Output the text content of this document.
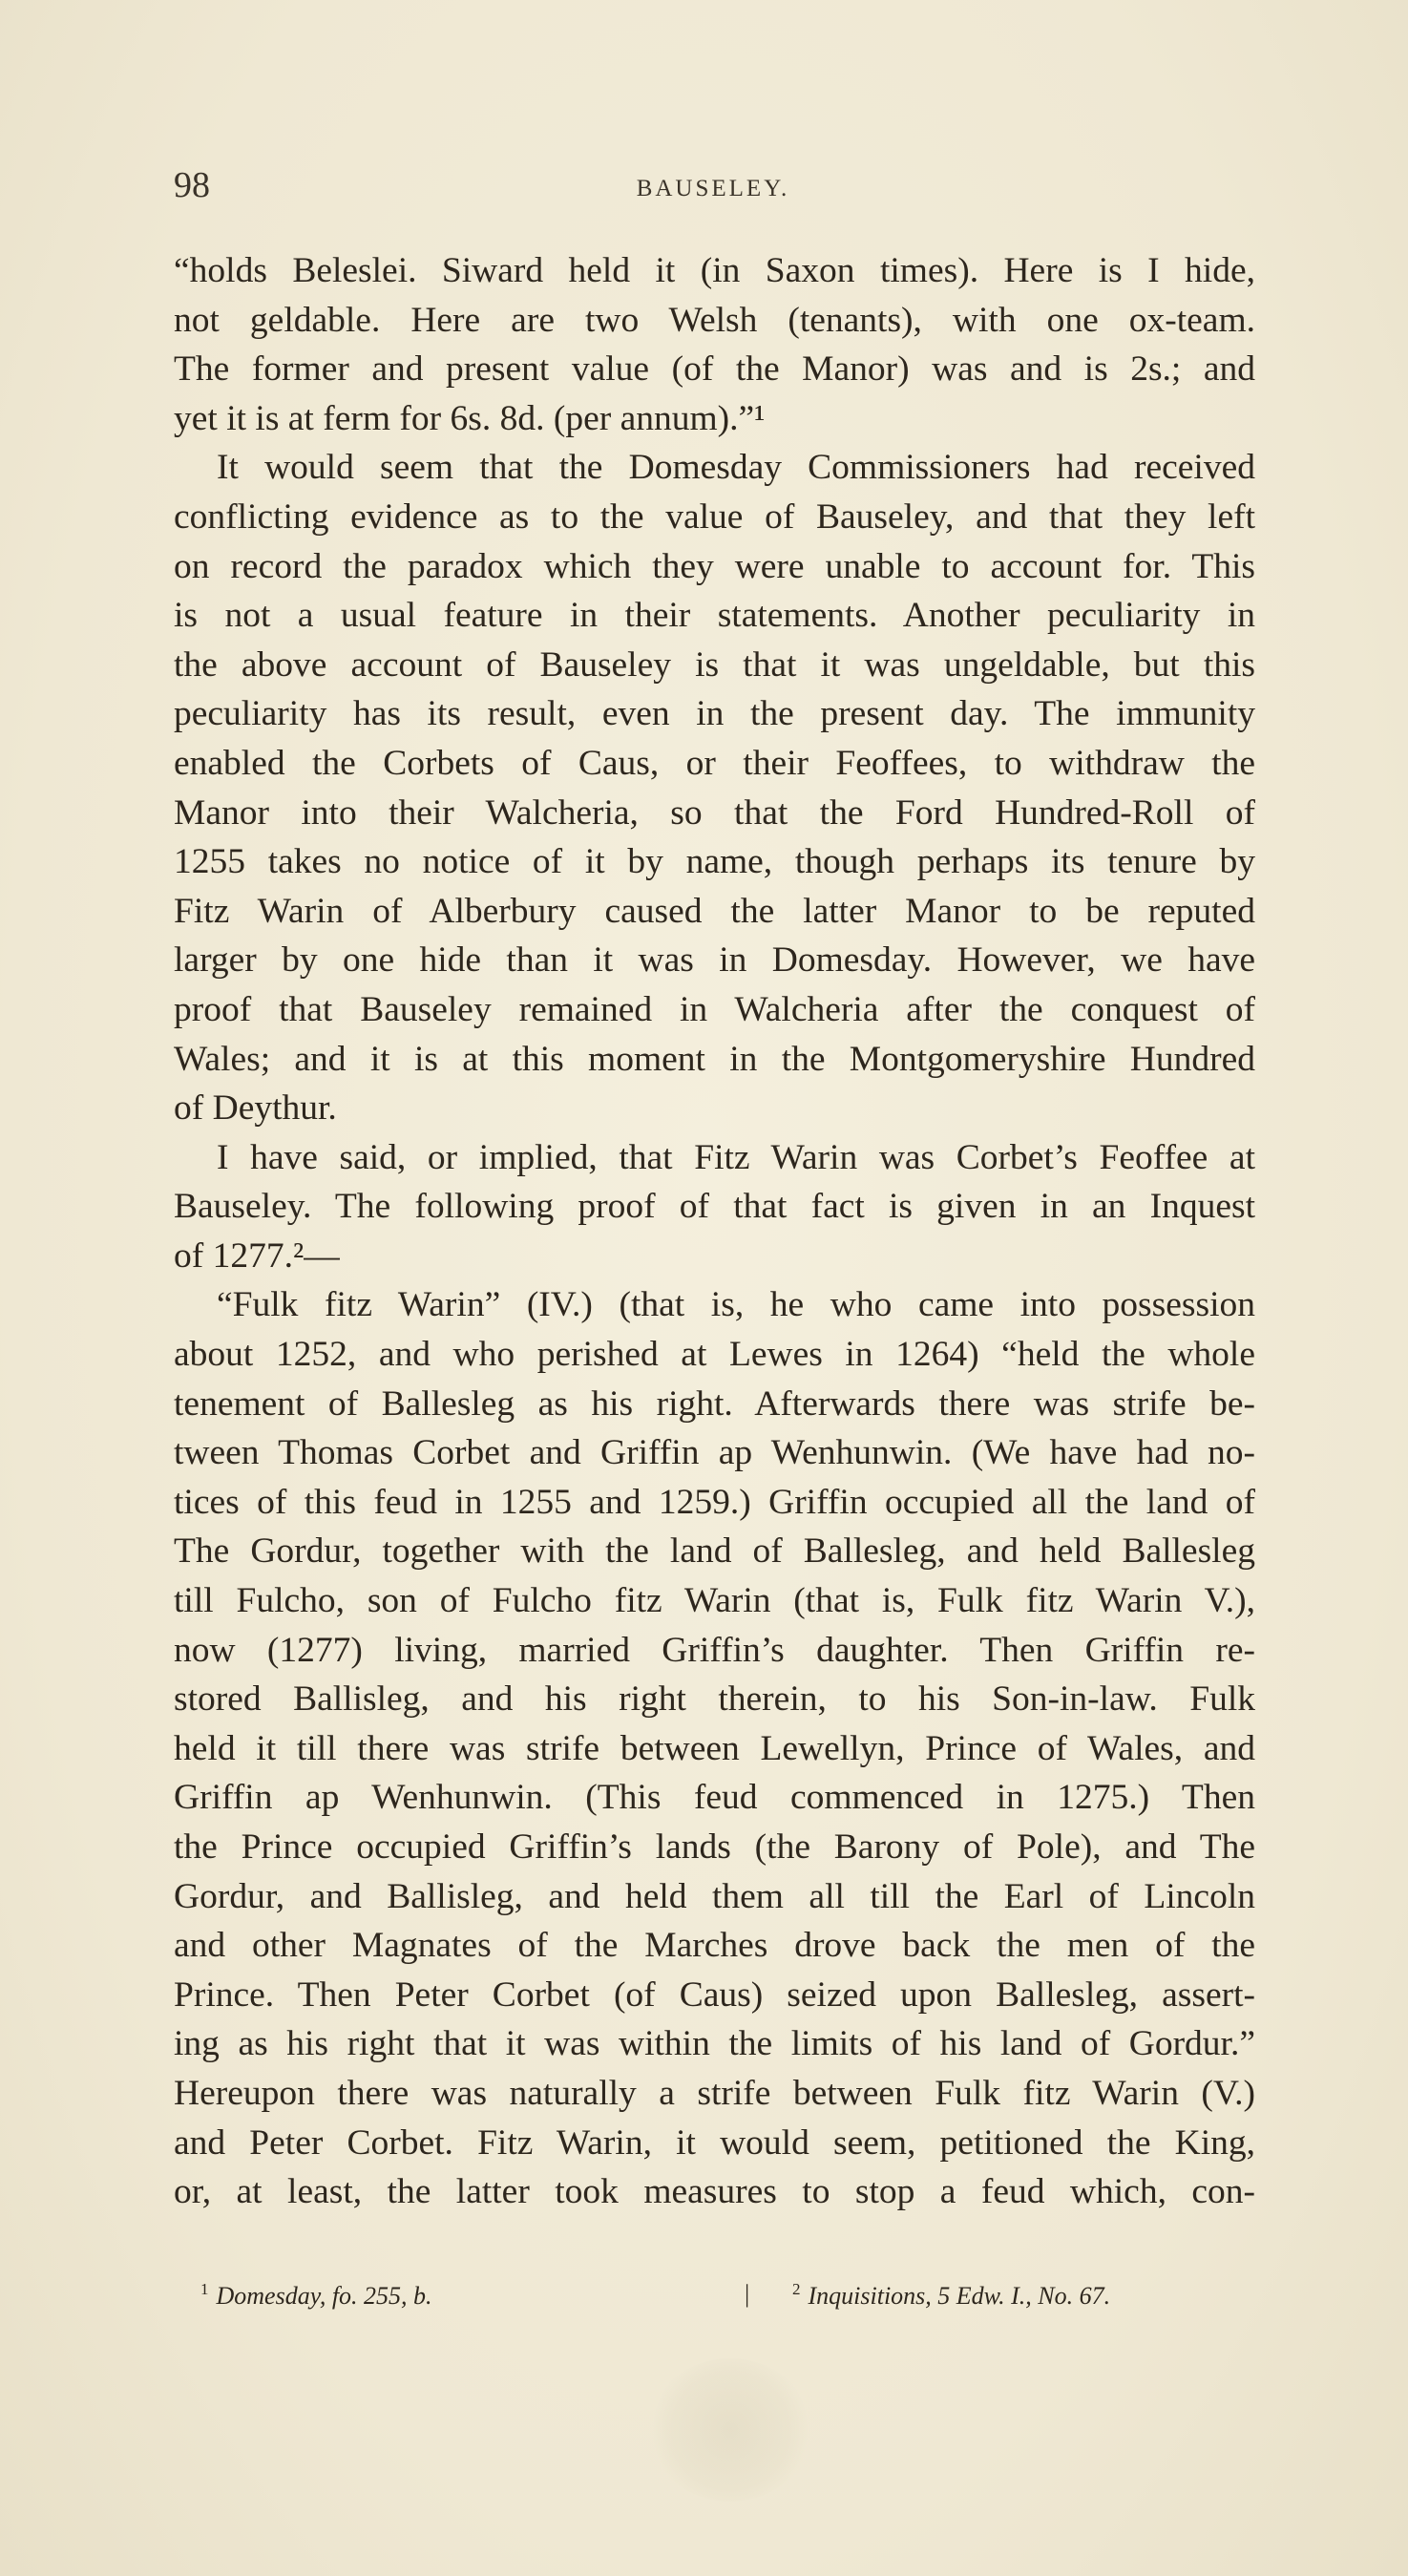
98	BAUSELEY.
“holds Beleslei. Siward held it (in Saxon times). Here is I hide,
not geldable. Here are two Welsh (tenants), with one ox-team.
The former and present value (of the Manor) was and is 2s.; and
yet it is at ferm for 6s. 8d. (per annum).”¹
It would seem that the Domesday Commissioners had received
conflicting evidence as to the value of Bauseley, and that they left
on record the paradox which they were unable to account for. This
is not a usual feature in their statements. Another peculiarity in
the above account of Bauseley is that it was ungeldable, but this
peculiarity has its result, even in the present day. The immunity
enabled the Corbets of Caus, or their Feoffees, to withdraw the
Manor into their Walcheria, so that the Ford Hundred-Roll of
1255 takes no notice of it by name, though perhaps its tenure by
Fitz Warin of Alberbury caused the latter Manor to be reputed
larger by one hide than it was in Domesday. However, we have
proof that Bauseley remained in Walcheria after the conquest of
Wales; and it is at this moment in the Montgomeryshire Hundred
of Deythur.
I have said, or implied, that Fitz Warin was Corbet’s Feoffee at
Bauseley. The following proof of that fact is given in an Inquest
of 1277.²—
“Fulk fitz Warin” (IV.) (that is, he who came into possession
about 1252, and who perished at Lewes in 1264) “held the whole
tenement of Ballesleg as his right. Afterwards there was strife be-
tween Thomas Corbet and Griffin ap Wenhunwin. (We have had no-
tices of this feud in 1255 and 1259.) Griffin occupied all the land of
The Gordur, together with the land of Ballesleg, and held Ballesleg
till Fulcho, son of Fulcho fitz Warin (that is, Fulk fitz Warin V.),
now (1277) living, married Griffin’s daughter. Then Griffin re-
stored Ballisleg, and his right therein, to his Son-in-law. Fulk
held it till there was strife between Lewellyn, Prince of Wales, and
Griffin ap Wenhunwin. (This feud commenced in 1275.) Then
the Prince occupied Griffin’s lands (the Barony of Pole), and The
Gordur, and Ballisleg, and held them all till the Earl of Lincoln
and other Magnates of the Marches drove back the men of the
Prince. Then Peter Corbet (of Caus) seized upon Ballesleg, assert-
ing as his right that it was within the limits of his land of Gordur.”
Hereupon there was naturally a strife between Fulk fitz Warin (V.)
and Peter Corbet. Fitz Warin, it would seem, petitioned the King,
or, at least, the latter took measures to stop a feud which, con-
$^1$ Domesday, fo. 255, b.	|	$^2$ Inquisitions, 5 Edw. I., No. 67.
